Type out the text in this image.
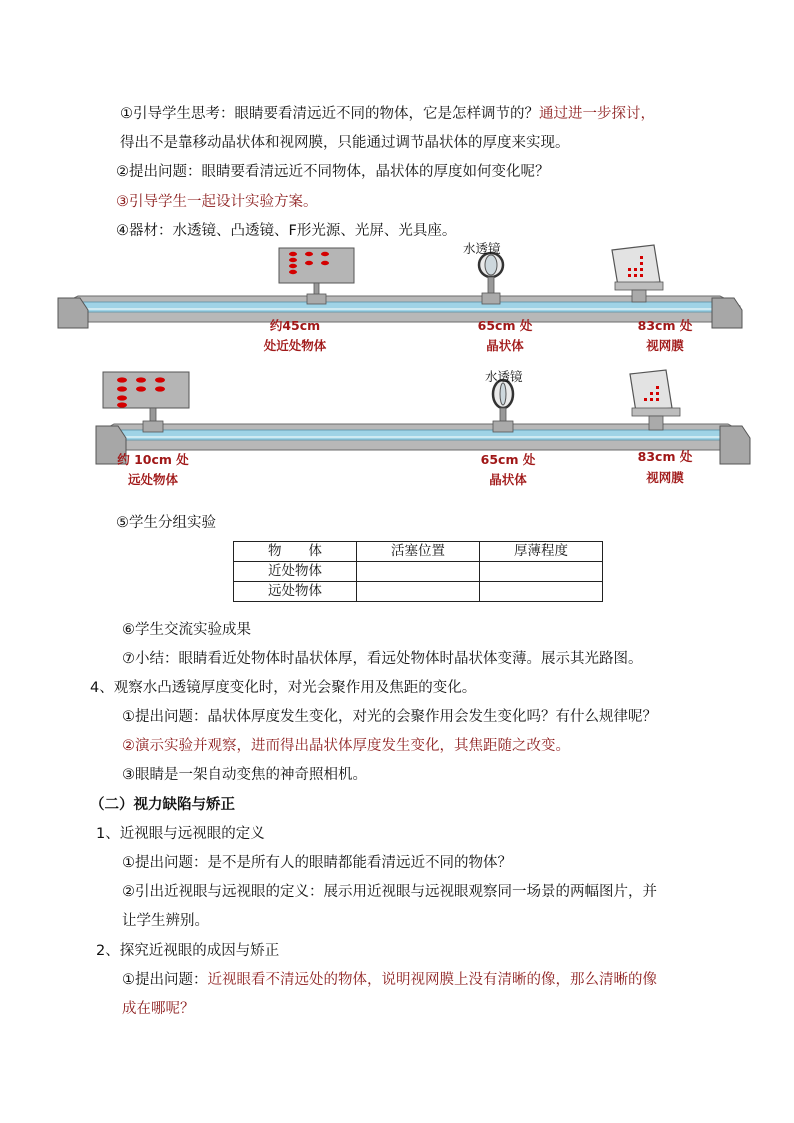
①引导学生思考：眼睛要看清远近不同的物体，它是怎样调节的？通过进一步探讨，
得出不是靠移动晶状体和视网膜，只能通过调节晶状体的厚度来实现。
②提出问题：眼睛要看清远近不同物体，晶状体的厚度如何变化呢？
③引导学生一起设计实验方案。
④器材：水透镜、凸透镜、F形光源、光屏、光具座。
水透镜
约45cm
处近处物体
65cm 处
晶状体
83cm 处
视网膜
水透镜
约 10cm 处
远处物体
65cm 处
晶状体
83cm 处
视网膜
⑤学生分组实验
物　　体	活塞位置	厚薄程度
近处物体		
远处物体		
⑥学生交流实验成果
⑦小结：眼睛看近处物体时晶状体厚，看远处物体时晶状体变薄。展示其光路图。
4、观察水凸透镜厚度变化时，对光会聚作用及焦距的变化。
①提出问题：晶状体厚度发生变化，对光的会聚作用会发生变化吗？有什么规律呢？
②演示实验并观察，进而得出晶状体厚度发生变化，其焦距随之改变。
③眼睛是一架自动变焦的神奇照相机。
（二）视力缺陷与矫正
1、近视眼与远视眼的定义
①提出问题：是不是所有人的眼睛都能看清远近不同的物体？
②引出近视眼与远视眼的定义：展示用近视眼与远视眼观察同一场景的两幅图片，并
让学生辨别。
2、探究近视眼的成因与矫正
①提出问题：近视眼看不清远处的物体，说明视网膜上没有清晰的像，那么清晰的像
成在哪呢？
